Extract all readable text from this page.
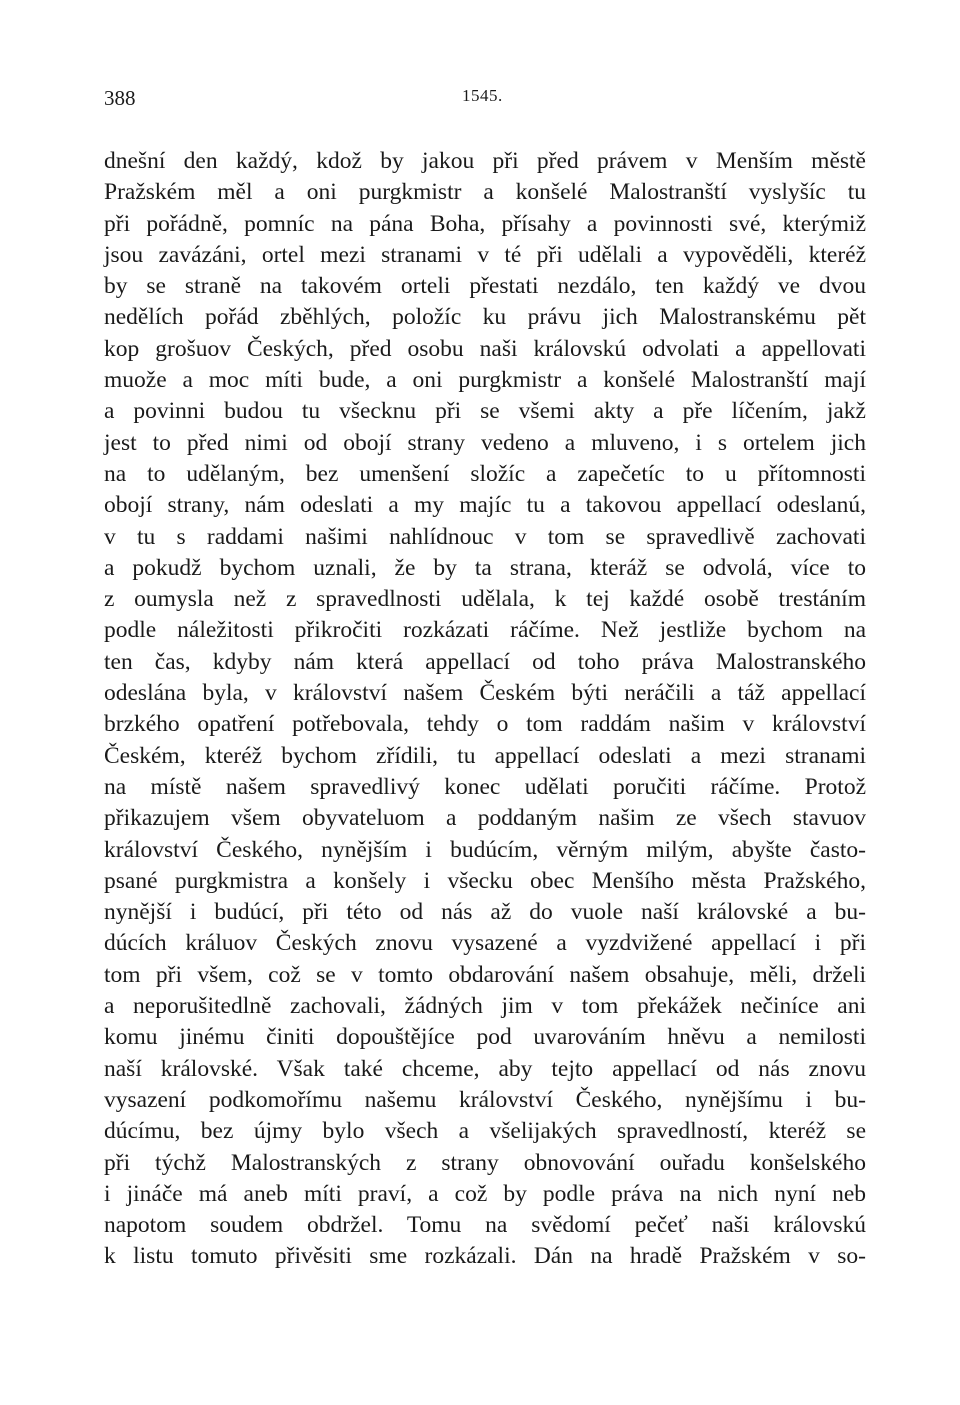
388	1545.
dnešní den každý, kdož by jakou při před právem v Menším městě
Pražském měl a oni purgkmistr a konšelé Malostranští vyslyšíc tu
při pořádně, pomníc na pána Boha, přísahy a povinnosti své, kterýmiž
jsou zavázáni, ortel mezi stranami v té při udělali a vypověděli, kteréž
by se straně na takovém orteli přestati nezdálo, ten každý ve dvou
nedělích pořád zběhlých, položíc ku právu jich Malostranskému pět
kop grošuov Českých, před osobu naši královskú odvolati a appellovati
muože a moc míti bude, a oni purgkmistr a konšelé Malostranští mají
a povinni budou tu všecknu při se všemi akty a pře líčením, jakž
jest to před nimi od obojí strany vedeno a mluveno, i s ortelem jich
na to udělaným, bez umenšení složíc a zapečetíc to u přítomnosti
obojí strany, nám odeslati a my majíc tu a takovou appellací odeslanú,
v tu s raddami našimi nahlídnouc v tom se spravedlivě zachovati
a pokudž bychom uznali, že by ta strana, kteráž se odvolá, více to
z oumysla než z spravedlnosti udělala, k tej každé osobě trestáním
podle náležitosti přikročiti rozkázati ráčíme. Než jestliže bychom na
ten čas, kdyby nám která appellací od toho práva Malostranského
odeslána byla, v království našem Českém býti neráčili a táž appellací
brzkého opatření potřebovala, tehdy o tom raddám našim v království
Českém, kteréž bychom zřídili, tu appellací odeslati a mezi stranami
na místě našem spravedlivý konec udělati poručiti ráčíme. Protož
přikazujem všem obyvateluom a poddaným našim ze všech stavuov
království Českého, nynějším i budúcím, věrným milým, abyšte často-
psané purgkmistra a konšely i všecku obec Menšího města Pražského,
nynější i budúcí, při této od nás až do vuole naší královské a bu-
dúcích králuov Českých znovu vysazené a vyzdvižené appellací i při
tom při všem, což se v tomto obdarování našem obsahuje, měli, drželi
a neporušitedlně zachovali, žádných jim v tom překážek nečiníce ani
komu jinému činiti dopouštějíce pod uvarováním hněvu a nemilosti
naší královské. Však také chceme, aby tejto appellací od nás znovu
vysazení podkomořímu našemu království Českého, nynějšímu i bu-
dúcímu, bez újmy bylo všech a všelijakých spravedlností, kteréž se
při týchž Malostranských z strany obnovování ouřadu konšelského
i jináče má aneb míti praví, a což by podle práva na nich nyní neb
napotom soudem obdržel. Tomu na svědomí pečeť naši královskú
k listu tomuto přivěsiti sme rozkázali. Dán na hradě Pražském v so-
